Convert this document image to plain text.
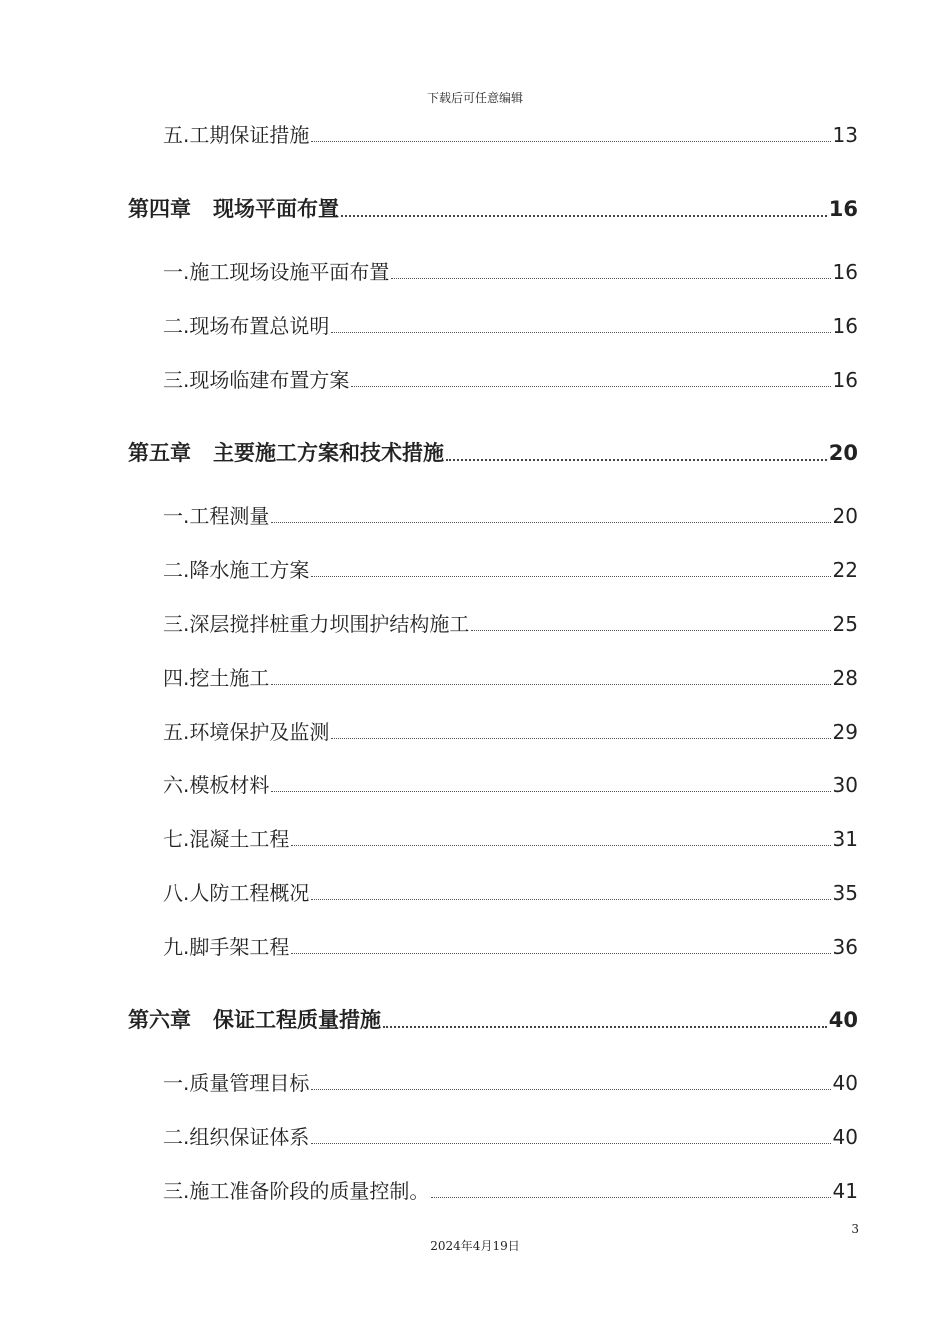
下载后可任意编辑
五.工期保证措施	13
第四章 现场平面布置	16
一.施工现场设施平面布置	16
二.现场布置总说明	16
三.现场临建布置方案	16
第五章 主要施工方案和技术措施	20
一.工程测量	20
二.降水施工方案	22
三.深层搅拌桩重力坝围护结构施工	25
四.挖土施工	28
五.环境保护及监测	29
六.模板材料	30
七.混凝土工程	31
八.人防工程概况	35
九.脚手架工程	36
第六章 保证工程质量措施	40
一.质量管理目标	40
二.组织保证体系	40
三.施工准备阶段的质量控制。	41
3
2024年4月19日
